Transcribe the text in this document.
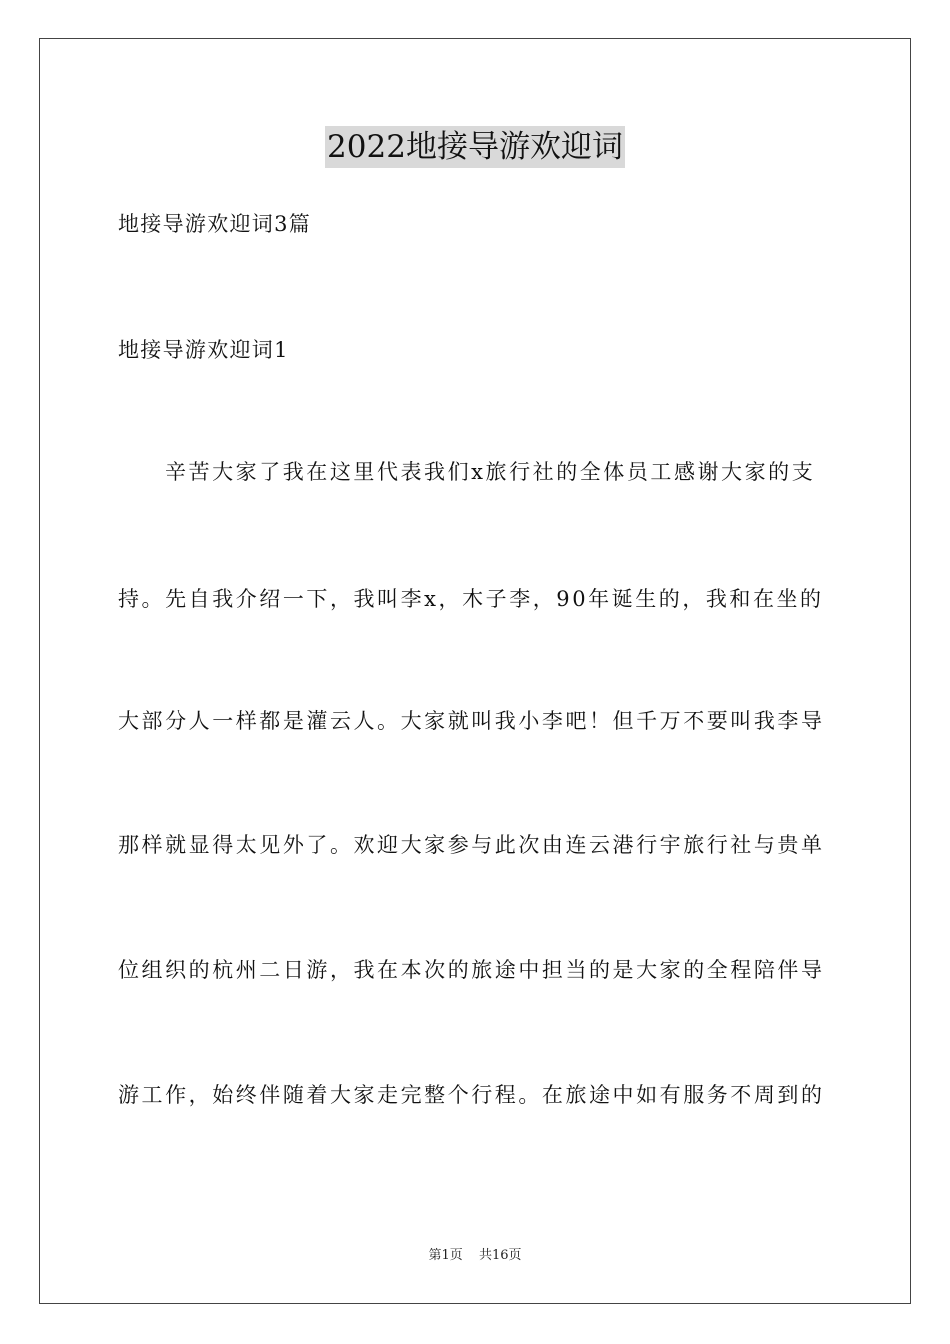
2022地接导游欢迎词
地接导游欢迎词3篇
地接导游欢迎词1
辛苦大家了我在这里代表我们x旅行社的全体员工感谢大家的支
持。先自我介绍一下，我叫李x，木子李，90年诞生的，我和在坐的
大部分人一样都是灌云人。大家就叫我小李吧！但千万不要叫我李导
那样就显得太见外了。欢迎大家参与此次由连云港行宇旅行社与贵单
位组织的杭州二日游，我在本次的旅途中担当的是大家的全程陪伴导
游工作，始终伴随着大家走完整个行程。在旅途中如有服务不周到的
第1页 共16页
